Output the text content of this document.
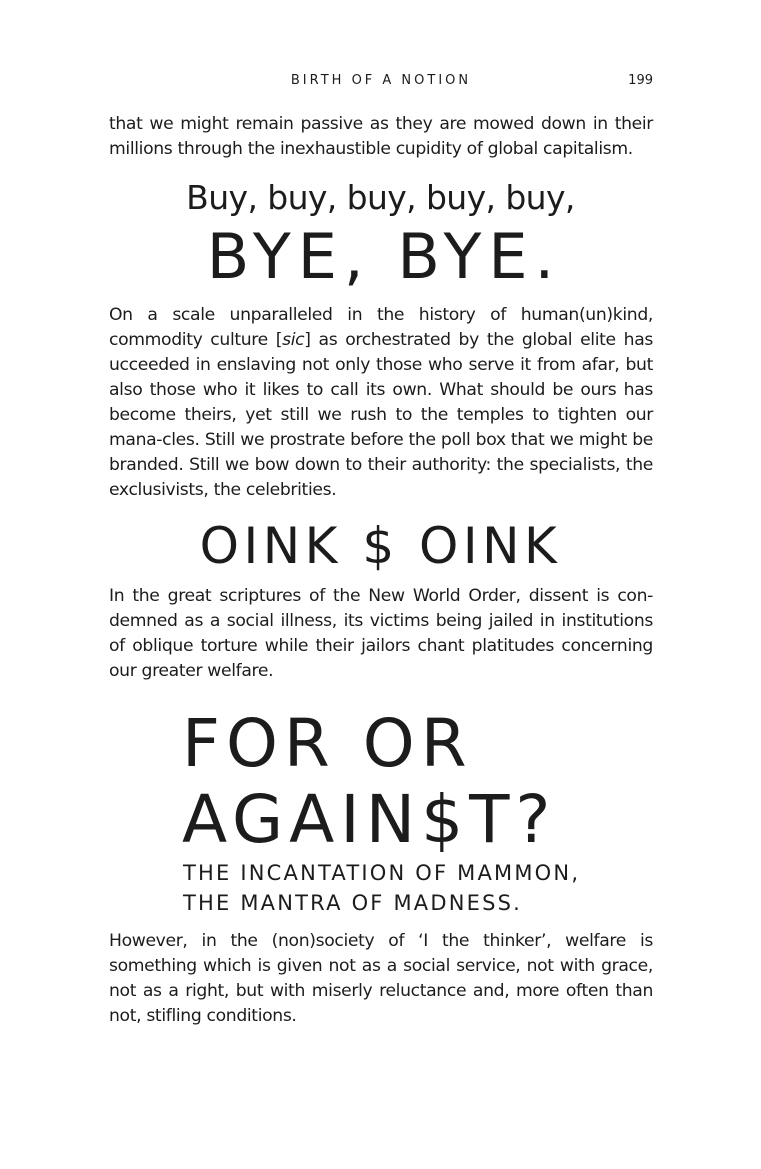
BIRTH OF A NOTION	199

that we might remain passive as they are mowed down in their millions through the inexhaustible cupidity of global capitalism.

Buy, buy, buy, buy, buy,
BYE, BYE.

On a scale unparalleled in the history of human(un)kind, commodity culture [sic] as orchestrated by the global elite has ucceeded in enslaving not only those who serve it from afar, but also those who it likes to call its own. What should be ours has become theirs, yet still we rush to the temples to tighten our mana-cles. Still we prostrate before the poll box that we might be branded. Still we bow down to their authority: the specialists, the exclusivists, the celebrities.

OINK $ OINK

In the great scriptures of the New World Order, dissent is con-demned as a social illness, its victims being jailed in institutions of oblique torture while their jailors chant platitudes concerning our greater welfare.

FOR OR
AGAIN$T?
THE INCANTATION OF MAMMON,
THE MANTRA OF MADNESS.

However, in the (non)society of ‘I the thinker’, welfare is something which is given not as a social service, not with grace, not as a right, but with miserly reluctance and, more often than not, stifling conditions.
